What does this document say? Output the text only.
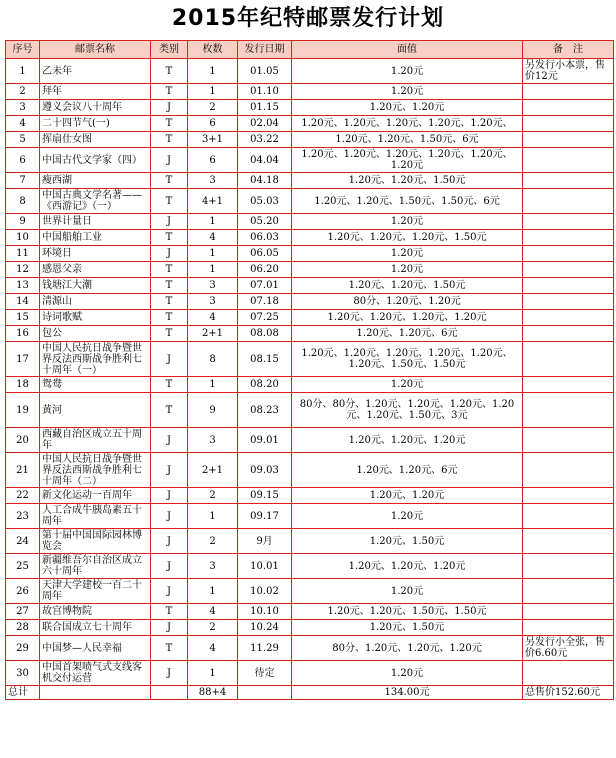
2015年纪特邮票发行计划
序号	邮票名称	类别	枚数	发行日期	面值	备　注
1	乙未年	T	1	01.05	1.20元	另发行小本票，售价12元
2	拜年	T	1	01.10	1.20元	
3	遵义会议八十周年	J	2	01.15	1.20元、1.20元	
4	二十四节气(一)	T	6	02.04	1.20元、1.20元、1.20元、1.20元、1.20元、	
5	挥扇仕女图	T	3+1	03.22	1.20元、1.20元、1.50元、6元	
6	中国古代文学家（四）	J	6	04.04	1.20元、1.20元、1.20元、1.20元、1.20元、1.20元	
7	瘦西湖	T	3	04.18	1.20元、1.20元、1.50元	
8	中国古典文学名著——《西游记》（一）	T	4+1	05.03	1.20元、1.20元、1.50元、1.50元、6元	
9	世界计量日	J	1	05.20	1.20元	
10	中国船舶工业	T	4	06.03	1.20元、1.20元、1.20元、1.50元	
11	环境日	J	1	06.05	1.20元	
12	感恩父亲	T	1	06.20	1.20元	
13	钱塘江大潮	T	3	07.01	1.20元、1.20元、1.50元	
14	清源山	T	3	07.18	80分、1.20元、1.20元	
15	诗词歌赋	T	4	07.25	1.20元、1.20元、1.20元、1.20元	
16	包公	T	2+1	08.08	1.20元、1.20元、6元	
17	中国人民抗日战争暨世界反法西斯战争胜利七十周年（一）	J	8	08.15	1.20元、1.20元、1.20元、1.20元、1.20元、1.20元、1.50元、1.50元	
18	鸳鸯	T	1	08.20	1.20元	
19	黄河	T	9	08.23	80分、80分、1.20元、1.20元、1.20元、1.20元、1.20元、1.50元、3元	
20	西藏自治区成立五十周年	J	3	09.01	1.20元、1.20元、1.20元	
21	中国人民抗日战争暨世界反法西斯战争胜利七十周年（二）	J	2+1	09.03	1.20元、1.20元、6元	
22	新文化运动一百周年	J	2	09.15	1.20元、1.20元	
23	人工合成牛胰岛素五十周年	J	1	09.17	1.20元	
24	第十届中国国际园林博览会	J	2	9月	1.20元、1.50元	
25	新疆维吾尔自治区成立六十周年	J	3	10.01	1.20元、1.20元、1.20元	
26	天津大学建校一百二十周年	J	1	10.02	1.20元	
27	故宫博物院	T	4	10.10	1.20元、1.20元、1.50元、1.50元	
28	联合国成立七十周年	J	2	10.24	1.20元、1.50元	
29	中国梦—人民幸福	T	4	11.29	80分、1.20元、1.20元、1.20元	另发行小全张，售价6.60元
30	中国首架喷气式支线客机交付运营	J	1	待定	1.20元	
总计			88+4		134.00元	总售价152.60元
